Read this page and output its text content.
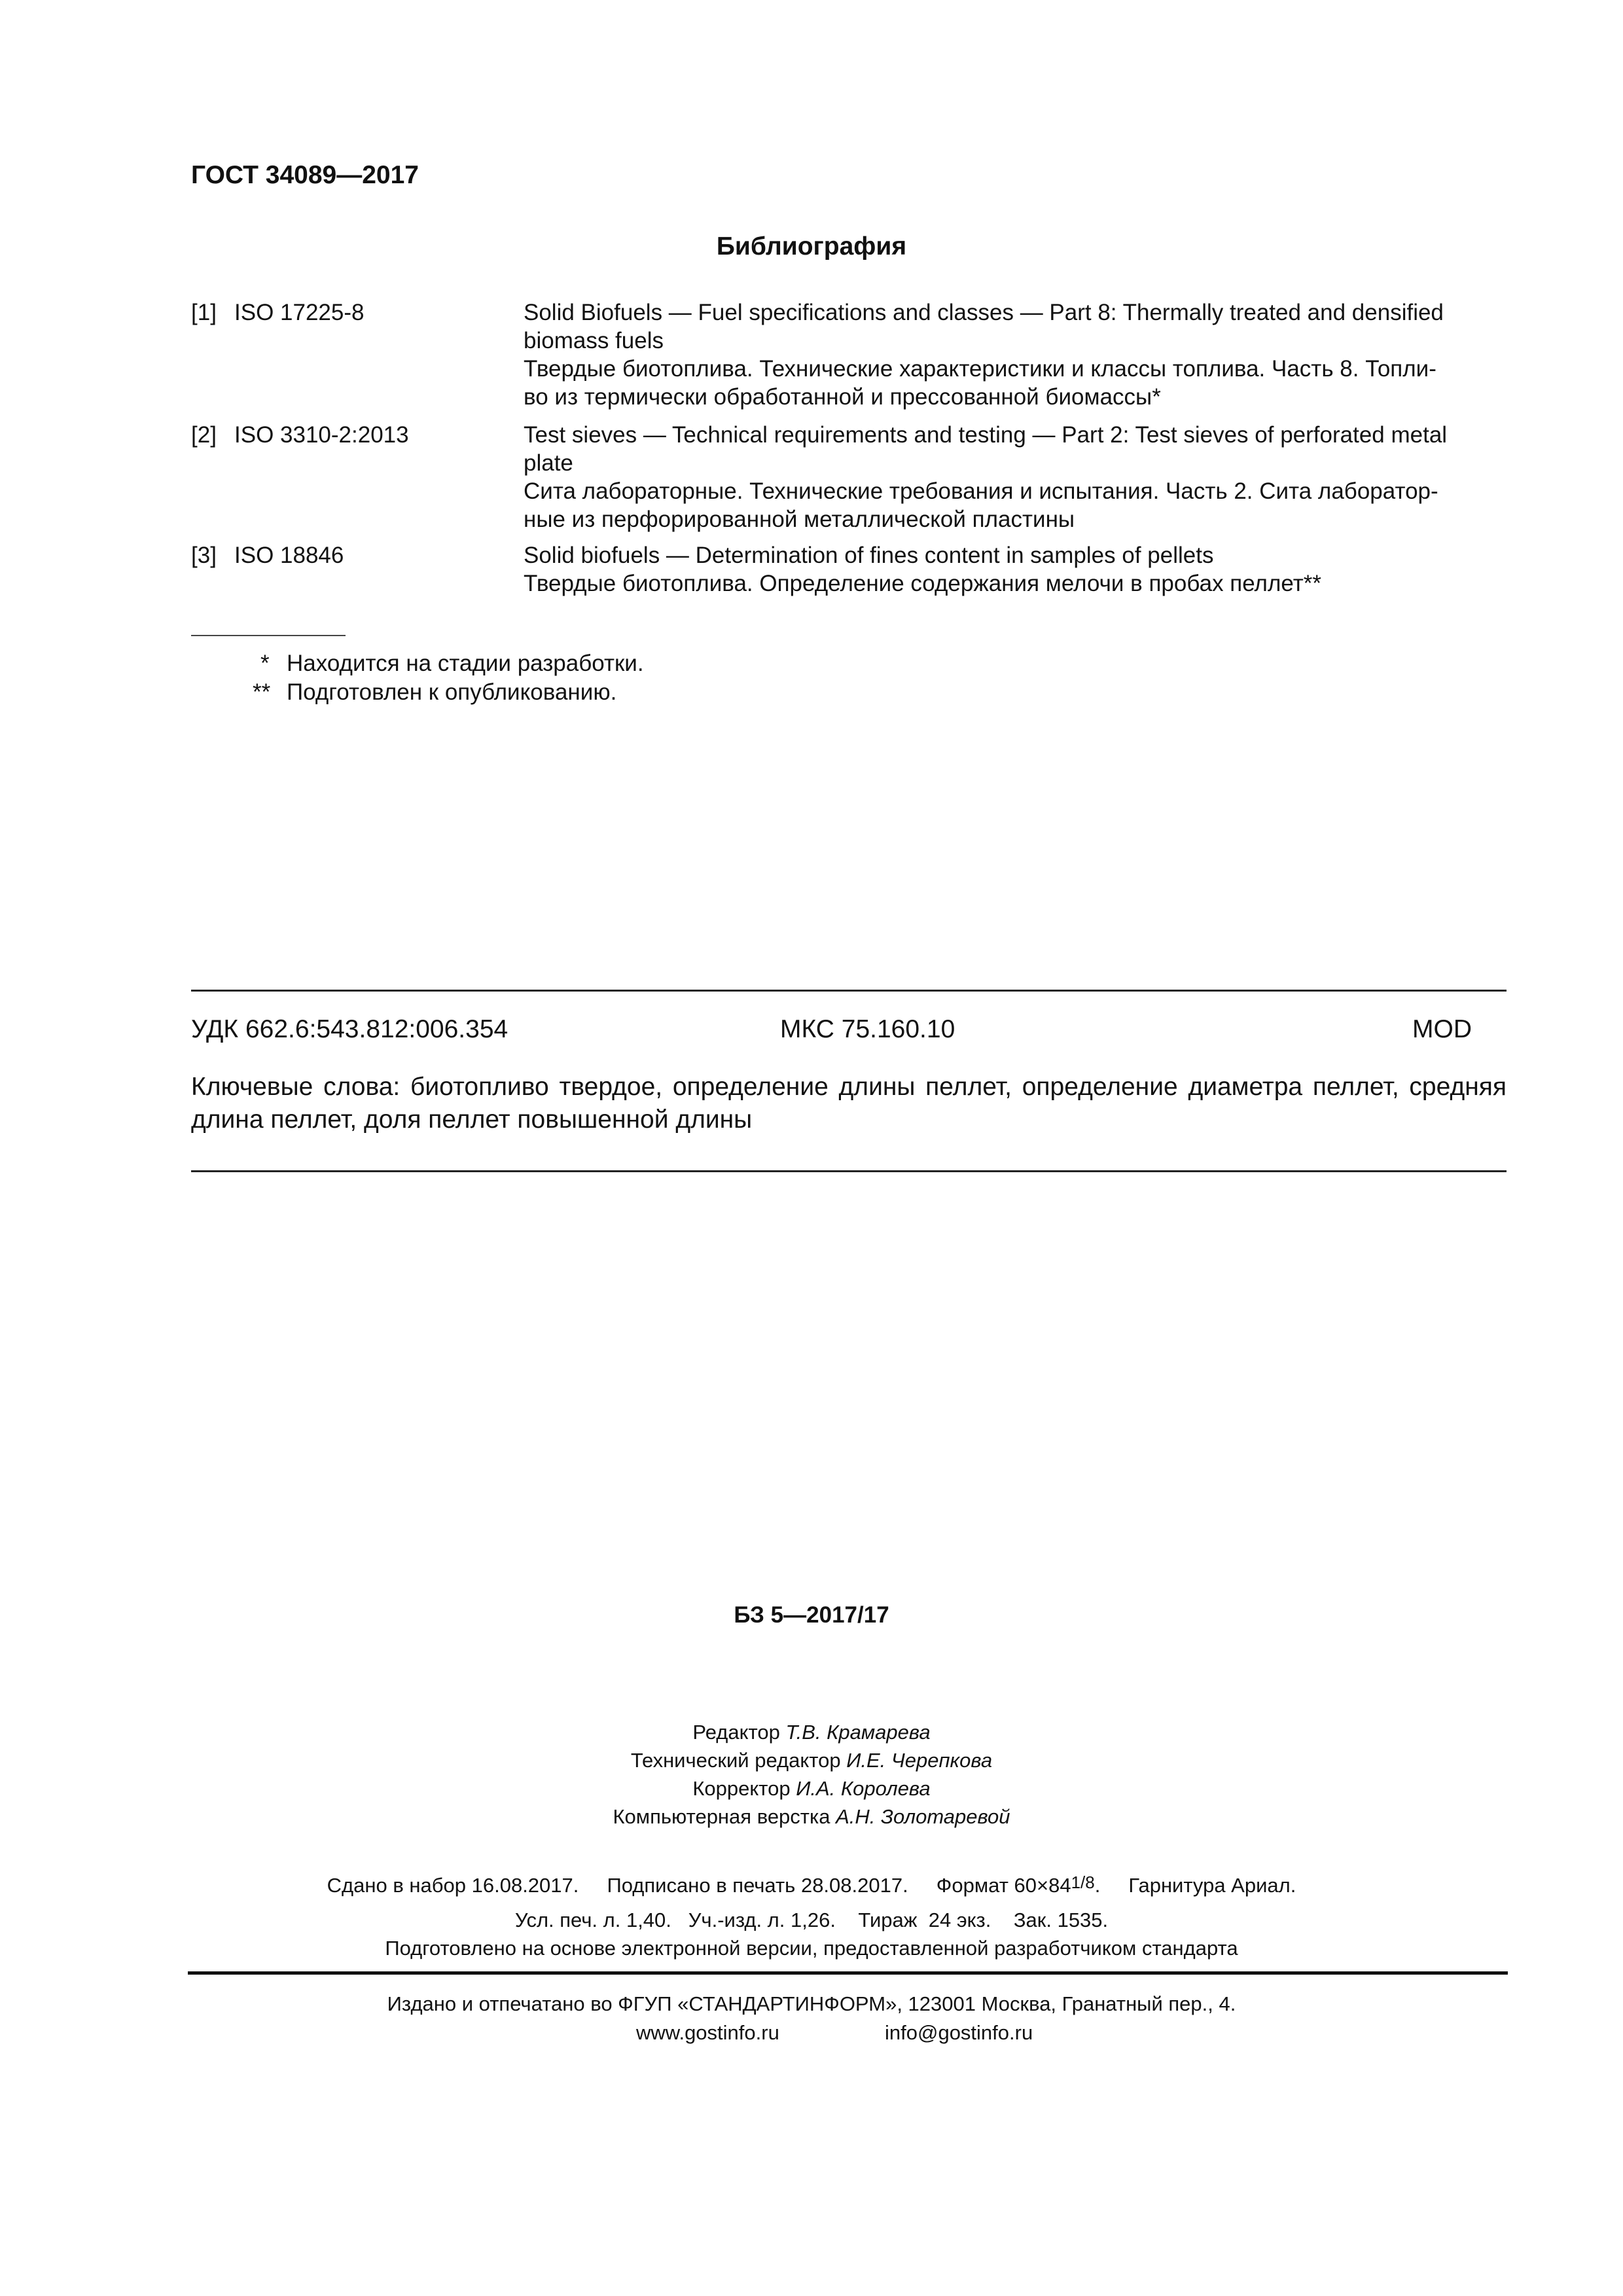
ГОСТ 34089—2017
Библиография
[1] ISO 17225-8	Solid Biofuels — Fuel specifications and classes — Part 8: Thermally treated and densified
biomass fuels
Твердые биотоплива. Технические характеристики и классы топлива. Часть 8. Топли-
во из термически обработанной и прессованной биомассы*
[2] ISO 3310-2:2013	Test sieves — Technical requirements and testing — Part 2: Test sieves of perforated metal
plate
Сита лабораторные. Технические требования и испытания. Часть 2. Сита лаборатор-
ные из перфорированной металлической пластины
[3] ISO 18846	Solid biofuels — Determination of fines content in samples of pellets
Твердые биотоплива. Определение содержания мелочи в пробах пеллет**
* Находится на стадии разработки.
** Подготовлен к опубликованию.
УДК 662.6:543.812:006.354	МКС 75.160.10	MOD
Ключевые слова: биотопливо твердое, определение длины пеллет, определение диаметра пеллет, средняя длина пеллет, доля пеллет повышенной длины
БЗ 5—2017/17
Редактор Т.В. Крамарева
Технический редактор И.Е. Черепкова
Корректор И.А. Королева
Компьютерная верстка А.Н. Золотаревой
Сдано в набор 16.08.2017.     Подписано в печать 28.08.2017.     Формат 60×841/8.     Гарнитура Ариал.
Усл. печ. л. 1,40.   Уч.-изд. л. 1,26.    Тираж  24 экз.    Зак. 1535.
Подготовлено на основе электронной версии, предоставленной разработчиком стандарта
Издано и отпечатано во ФГУП «СТАНДАРТИНФОРМ», 123001 Москва, Гранатный пер., 4.
www.gostinfo.ru	info@gostinfo.ru
